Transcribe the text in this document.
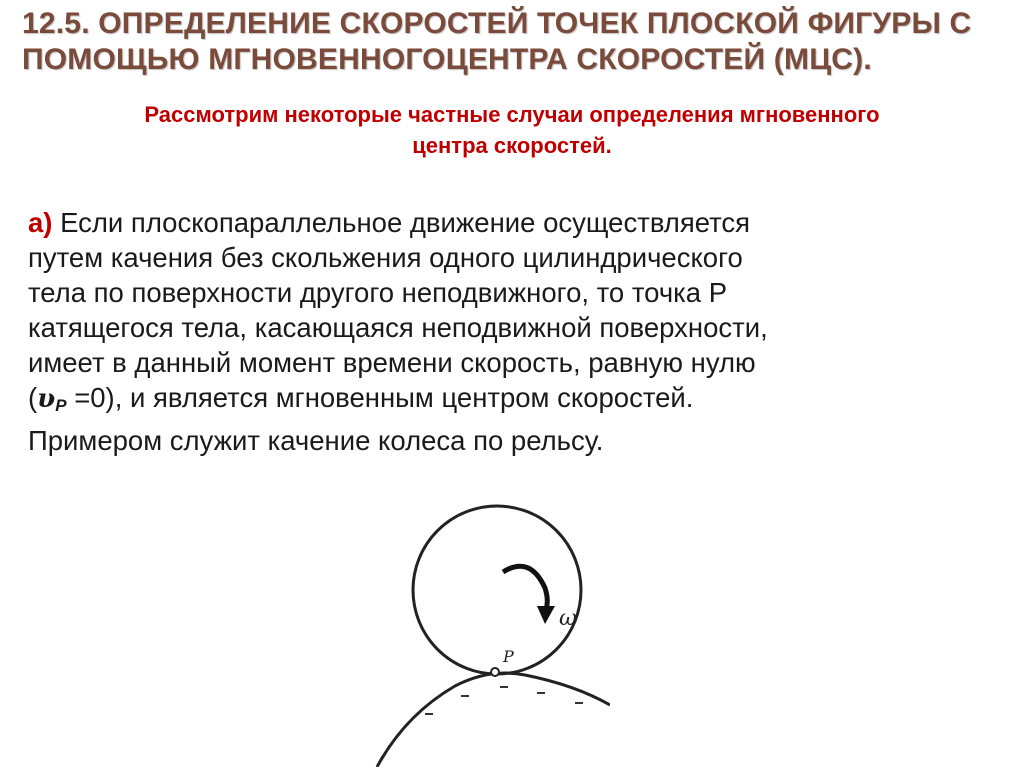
12.5. ОПРЕДЕЛЕНИЕ СКОРОСТЕЙ ТОЧЕК ПЛОСКОЙ ФИГУРЫ С
ПОМОЩЬЮ МГНОВЕННОГОЦЕНТРА СКОРОСТЕЙ (МЦС).
Рассмотрим некоторые частные случаи определения мгновенного
центра скоростей.
а) Если плоскопараллельное движение осуществляется
путем качения без скольжения одного цилиндрического
тела по поверхности другого неподвижного, то точка Р
катящегося тела, касающаяся неподвижной поверхности,
имеет в данный момент времени скорость, равную нулю
(υP =0), и является мгновенным центром скоростей.
Примером служит качение колеса по рельсу.
ω
P
